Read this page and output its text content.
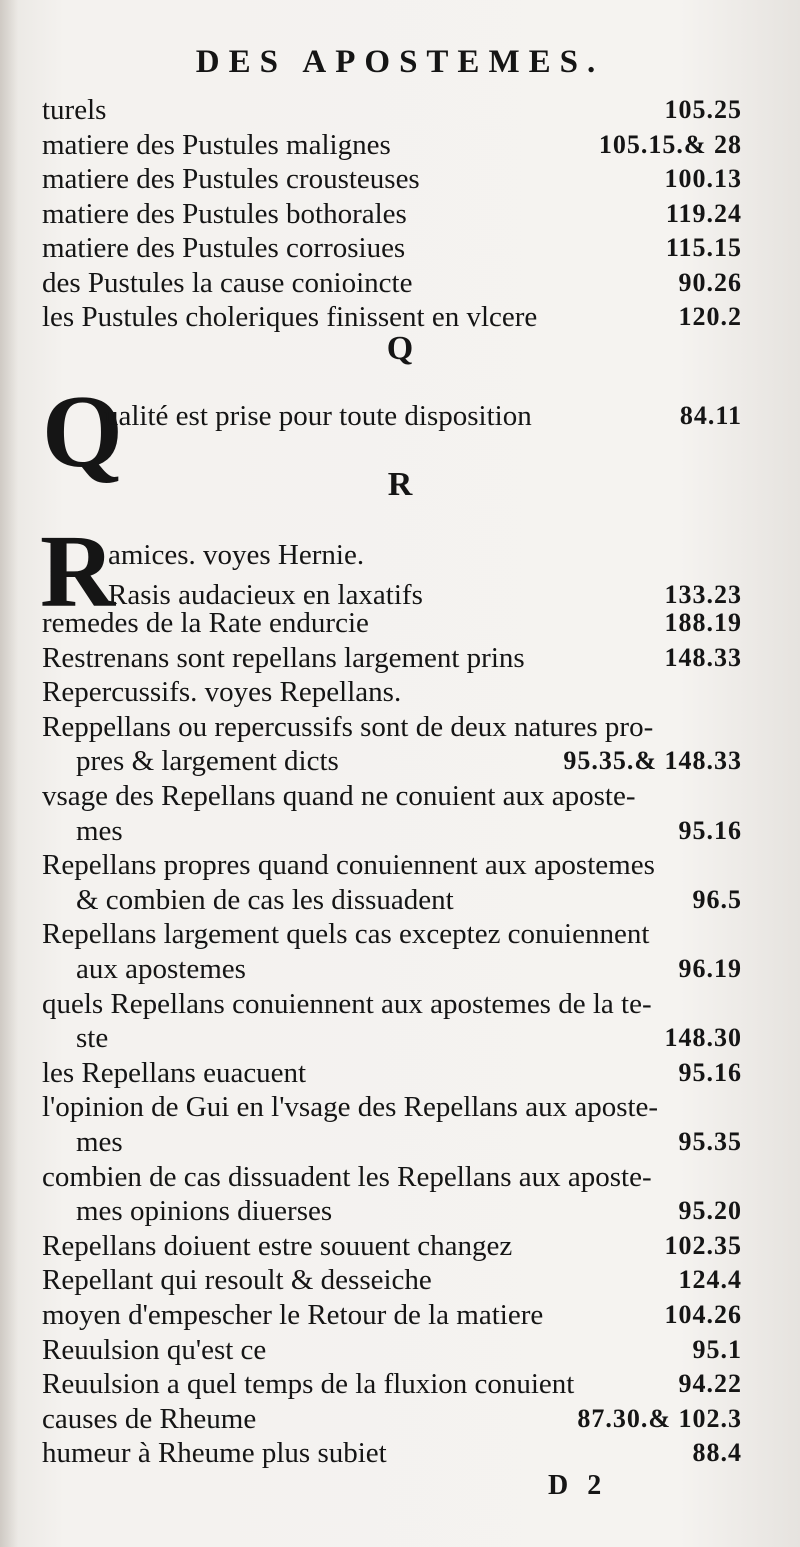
DES APOSTEMES.
turels	105.25
matiere des Pustules malignes	105.15.& 28
matiere des Pustules crousteuses	100.13
matiere des Pustules bothorales	119.24
matiere des Pustules corrosiues	115.15
des Pustules la cause conioincte	90.26
les Pustules choleriques finissent en vlcere	120.2
Q
Q
ualité est prise pour toute disposition	84.11
R
R
amices. voyes Hernie.
Rasis audacieux en laxatifs	133.23
remedes de la Rate endurcie	188.19
Restrenans sont repellans largement prins	148.33
Repercussifs. voyes Repellans.
Reppellans ou repercussifs sont de deux natures pro-
pres & largement dicts	95.35.& 148.33
vsage des Repellans quand ne conuient aux aposte-
mes	95.16
Repellans propres quand conuiennent aux apostemes
& combien de cas les dissuadent	96.5
Repellans largement quels cas exceptez conuiennent
aux apostemes	96.19
quels Repellans conuiennent aux apostemes de la te-
ste	148.30
les Repellans euacuent	95.16
l'opinion de Gui en l'vsage des Repellans aux aposte-
mes	95.35
combien de cas dissuadent les Repellans aux aposte-
mes opinions diuerses	95.20
Repellans doiuent estre souuent changez	102.35
Repellant qui resoult & desseiche	124.4
moyen d'empescher le Retour de la matiere	104.26
Reuulsion qu'est ce	95.1
Reuulsion a quel temps de la fluxion conuient	94.22
causes de Rheume	87.30.& 102.3
humeur à Rheume plus subiet	88.4
D 2
